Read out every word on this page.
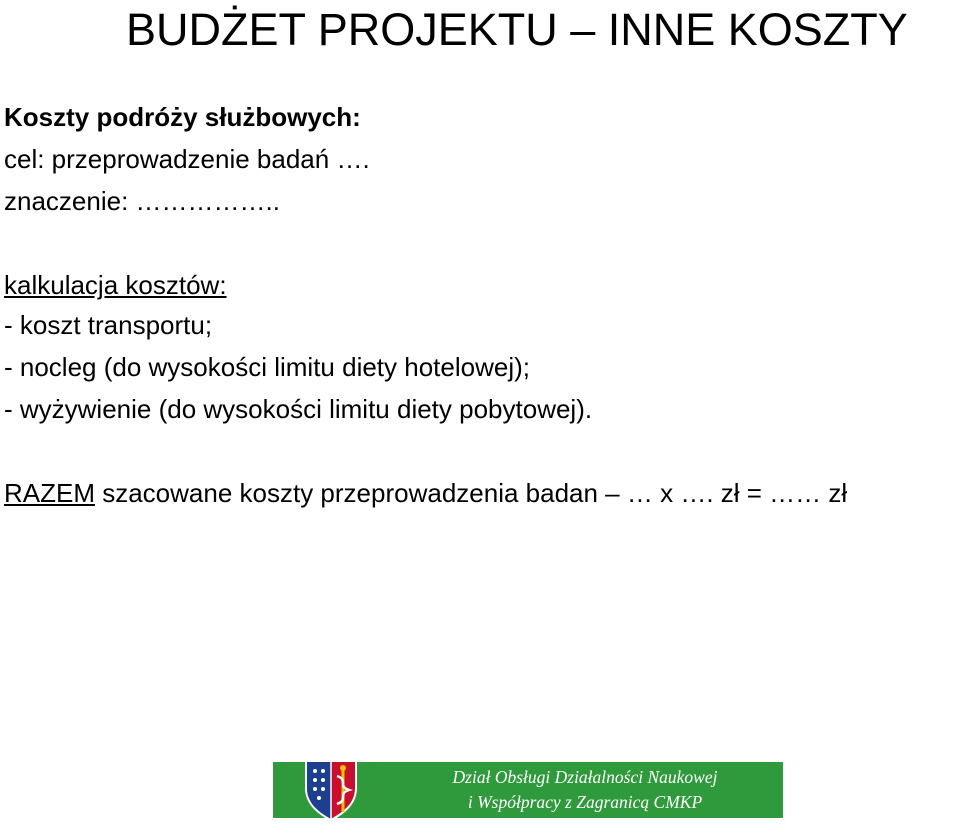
BUDŻET PROJEKTU – INNE KOSZTY

Koszty podróży służbowych:

cel: przeprowadzenie badań ….

znaczenie: ……………..

kalkulacja kosztów:

- koszt transportu;

- nocleg (do wysokości limitu diety hotelowej);

- wyżywienie (do wysokości limitu diety pobytowej).

RAZEM szacowane koszty przeprowadzenia badan – … x …. zł = …… zł

Dział Obsługi Działalności Naukowej
i Współpracy z Zagranicą CMKP
